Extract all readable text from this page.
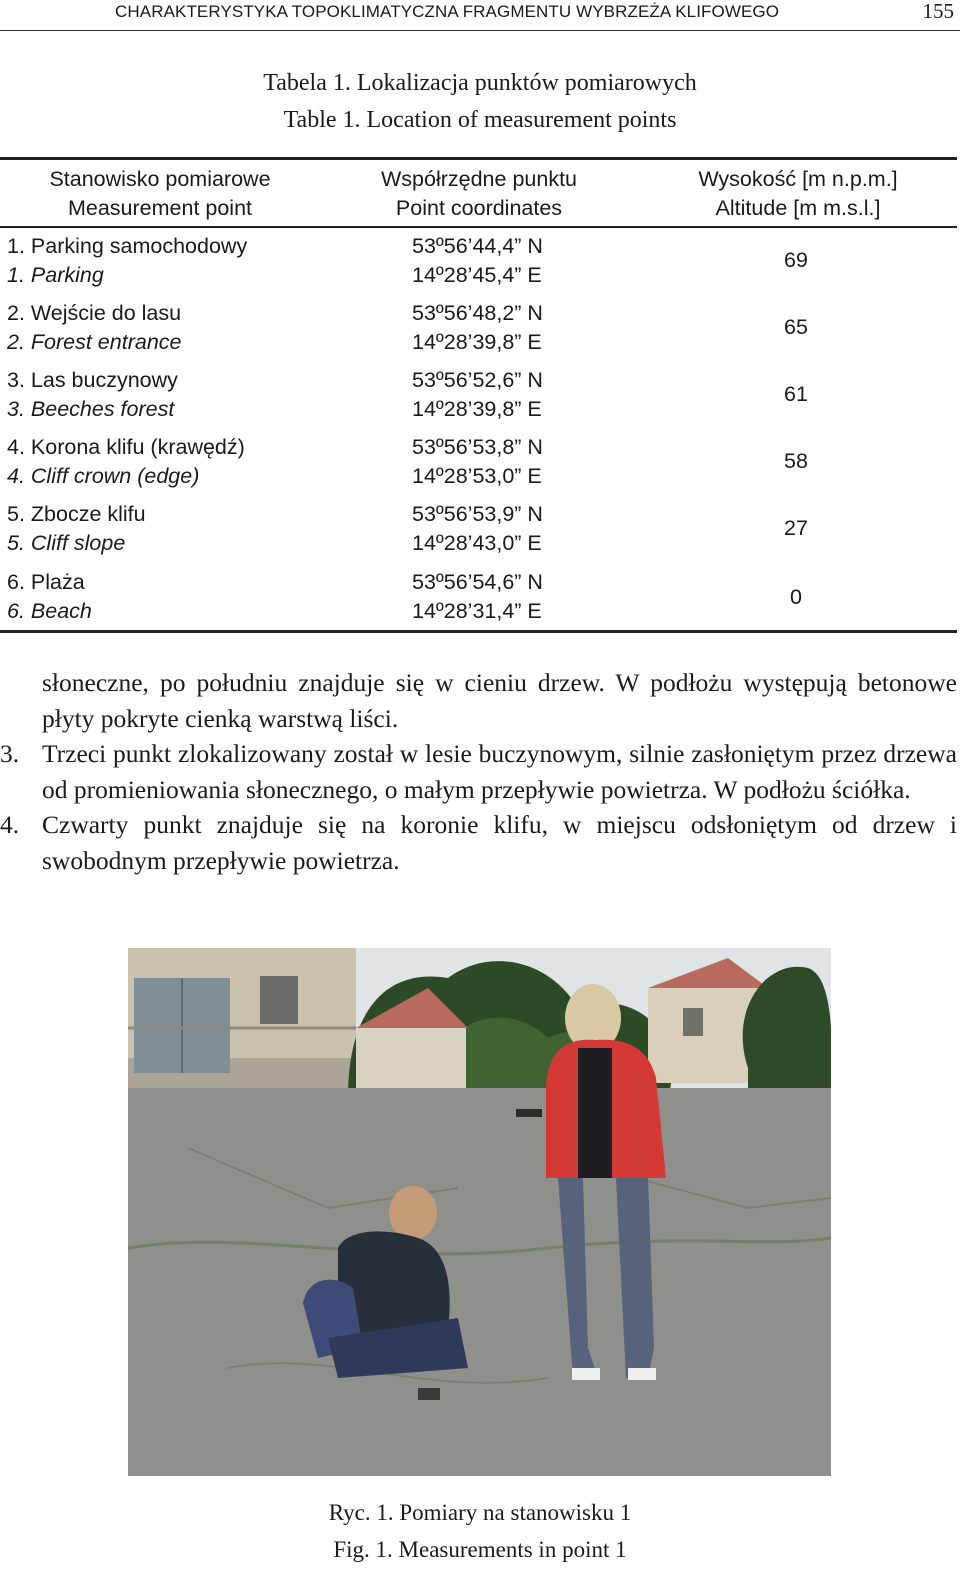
CHARAKTERYSTYKA TOPOKLIMATYCZNA FRAGMENTU WYBRZEŻA KLIFOWEGO	155
Tabela 1. Lokalizacja punktów pomiarowych
Table 1. Location of measurement points
Stanowisko pomiarowe
Measurement point
Współrzędne punktu
Point coordinates
Wysokość [m n.p.m.]
Altitude [m m.s.l.]
1. Parking samochodowy
1. Parking
53º56’44,4” N
14º28’45,4” E
69
2. Wejście do lasu
2. Forest entrance
53º56’48,2” N
14º28’39,8” E
65
3. Las buczynowy
3. Beeches forest
53º56’52,6” N
14º28’39,8” E
61
4. Korona klifu (krawędź)
4. Cliff crown (edge)
53º56’53,8” N
14º28’53,0” E
58
5. Zbocze klifu
5. Cliff slope
53º56’53,9” N
14º28’43,0” E
27
6. Plaża
6. Beach
53º56’54,6” N
14º28’31,4” E
0
słoneczne, po południu znajduje się w cieniu drzew. W podłożu występują betonowe płyty pokryte cienką warstwą liści.
3. Trzeci punkt zlokalizowany został w lesie buczynowym, silnie zasłoniętym przez drzewa od promieniowania słonecznego, o małym przepływie powietrza. W podłożu ściółka.
4. Czwarty punkt znajduje się na koronie klifu, w miejscu odsłoniętym od drzew i swobodnym przepływie powietrza.
Ryc. 1. Pomiary na stanowisku 1
Fig. 1. Measurements in point 1
